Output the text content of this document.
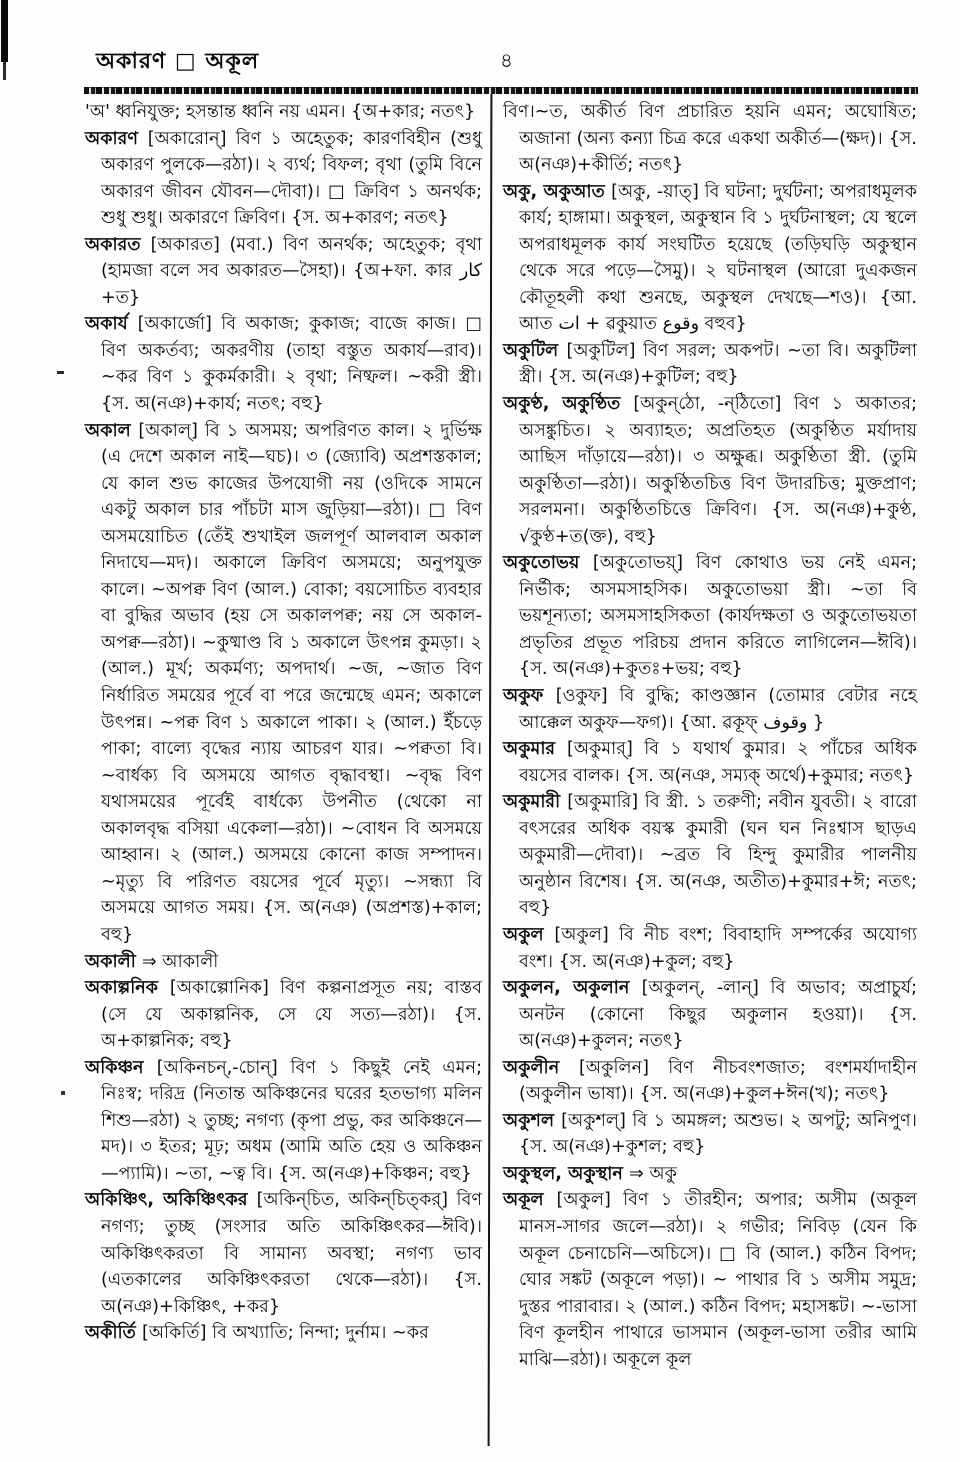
অকারণ □ অকূল	৪

'অ' ধ্বনিযুক্ত; হসন্তান্ত ধ্বনি নয় এমন। {অ+কার; নতৎ}

অকারণ [অকারোন্] বিণ ১ অহেতুক; কারণবিহীন (শুধু অকারণ পুলকে—রঠা)। ২ ব্যর্থ; বিফল; বৃথা (তুমি বিনে অকারণ জীবন যৌবন—দৌবা)। □ ক্রিবিণ ১ অনর্থক; শুধু শুধু। অকারণে ক্রিবিণ। {স. অ+কারণ; নতৎ}

অকারত [অকারত] (মবা.) বিণ অনর্থক; অহেতুক; বৃথা (হামজা বলে সব অকারত—সৈহা)। {অ+ফা. কার كار +ত}

অকার্য [অকার্জো] বি অকাজ; কুকাজ; বাজে কাজ। □ বিণ অকর্তব্য; অকরণীয় (তাহা বস্তুত অকার্য—রাব)। ~কর বিণ ১ কুকর্মকারী। ২ বৃথা; নিষ্ফল। ~করী স্ত্রী। {স. অ(নঞ)+কার্য; নতৎ; বহু}

অকাল [অকাল্] বি ১ অসময়; অপরিণত কাল। ২ দুর্ভিক্ষ (এ দেশে অকাল নাই—ঘচ)। ৩ (জ্যোবি) অপ্রশস্তকাল; যে কাল শুভ কাজের উপযোগী নয় (ওদিকে সামনে একটু অকাল চার পাঁচটা মাস জুড়িয়া—রঠা)। □ বিণ অসময়োচিত (তেঁই শুখাইল জলপূর্ণ আলবাল অকাল নিদাঘে—মদ)। অকালে ক্রিবিণ অসময়ে; অনুপযুক্ত কালে। ~অপক্ব বিণ (আল.) বোকা; বয়সোচিত ব্যবহার বা বুদ্ধির অভাব (হয় সে অকালপক্ব; নয় সে অকাল-অপক্ব—রঠা)। ~কুষ্মাণ্ড বি ১ অকালে উৎপন্ন কুমড়া। ২ (আল.) মূর্খ; অকর্মণ্য; অপদার্থ। ~জ, ~জাত বিণ নির্ধারিত সময়ের পূর্বে বা পরে জন্মেছে এমন; অকালে উৎপন্ন। ~পক্ব বিণ ১ অকালে পাকা। ২ (আল.) ইঁচড়ে পাকা; বাল্যে বৃদ্ধের ন্যায় আচরণ যার। ~পক্বতা বি। ~বার্ধক্য বি অসময়ে আগত বৃদ্ধাবস্থা। ~বৃদ্ধ বিণ যথাসময়ের পূর্বেই বার্ধক্যে উপনীত (থেকো না অকালবৃদ্ধ বসিয়া একেলা—রঠা)। ~বোধন বি অসময়ে আহ্বান। ২ (আল.) অসময়ে কোনো কাজ সম্পাদন। ~মৃত্যু বি পরিণত বয়সের পূর্বে মৃত্যু। ~সন্ধ্যা বি অসময়ে আগত সময়। {স. অ(নঞ) (অপ্রশস্ত)+কাল; বহু}

অকালী ⇒ আকালী

অকাল্পনিক [অকাল্পোনিক] বিণ কল্পনাপ্রসূত নয়; বাস্তব (সে যে অকাল্পনিক, সে যে সত্য—রঠা)। {স. অ+কাল্পনিক; বহু}

অকিঞ্চন [অকিনচন্,-চোন্] বিণ ১ কিছুই নেই এমন; নিঃস্ব; দরিদ্র (নিতান্ত অকিঞ্চনের ঘরের হতভাগ্য মলিন শিশু—রঠা) ২ তুচ্ছ; নগণ্য (কৃপা প্রভু, কর অকিঞ্চনে—মদ)। ৩ ইতর; মূঢ়; অধম (আমি অতি হেয় ও অকিঞ্চন—প্যামি)। ~তা, ~ত্ব বি। {স. অ(নঞ)+কিঞ্চন; বহু}

অকিঞ্চিৎ, অকিঞ্চিৎকর [অকিন্‌চিত, অকিন্‌চিত্‌কর্] বিণ নগণ্য; তুচ্ছ (সংসার অতি অকিঞ্চিৎকর—ঈবি)। অকিঞ্চিৎকরতা বি সামান্য অবস্থা; নগণ্য ভাব (এতকালের অকিঞ্চিৎকরতা থেকে—রঠা)। {স. অ(নঞ)+কিঞ্চিৎ, +কর}

অকীর্তি [অকির্তি] বি অখ্যাতি; নিন্দা; দুর্নাম। ~কর

বিণ।~ত, অকীর্ত বিণ প্রচারিত হয়নি এমন; অঘোষিত; অজানা (অন্য কন্যা চিত্র করে একথা অকীর্ত—(ক্ষদ)। {স. অ(নঞ)+কীর্তি; নতৎ}

অকু, অকুআত [অকু, -য়াত্] বি ঘটনা; দুর্ঘটনা; অপরাধমূলক কার্য; হাঙ্গামা। অকুস্থল, অকুস্থান বি ১ দুর্ঘটনাস্থল; যে স্থলে অপরাধমূলক কার্য সংঘটিত হয়েছে (তড়িঘড়ি অকুস্থান থেকে সরে পড়ে—সৈমু)। ২ ঘটনাস্থল (আরো দুএকজন কৌতূহলী কথা শুনছে, অকুস্থল দেখছে—শও)। {আ. আত ات + ৱকুয়াত وقوع বহুব}

অকুটিল [অকুটিল] বিণ সরল; অকপট। ~তা বি। অকুটিলা স্ত্রী। {স. অ(নঞ)+কুটিল; বহু}

অকুণ্ঠ, অকুণ্ঠিত [অকুন্‌ঠো, -ন্‌ঠিতো] বিণ ১ অকাতর; অসঙ্কুচিত। ২ অব্যাহত; অপ্রতিহত (অকুণ্ঠিত মর্যাদায় আছিস দাঁড়ায়ে—রঠা)। ৩ অক্ষুব্ধ। অকুণ্ঠিতা স্ত্রী. (তুমি অকুণ্ঠিতা—রঠা)। অকুণ্ঠিতচিত্ত বিণ উদারচিত্ত; মুক্তপ্রাণ; সরলমনা। অকুণ্ঠিতচিত্তে ক্রিবিণ। {স. অ(নঞ)+কুণ্ঠ, √কুণ্ঠ+ত(ক্ত), বহু}

অকুতোভয় [অকুতোভয়্] বিণ কোথাও ভয় নেই এমন; নির্ভীক; অসমসাহসিক। অকুতোভয়া স্ত্রী। ~তা বি ভয়শূন্যতা; অসমসাহসিকতা (কার্যদক্ষতা ও অকুতোভয়তা প্রভৃতির প্রভূত পরিচয় প্রদান করিতে লাগিলেন—ঈবি)। {স. অ(নঞ)+কুতঃ+ভয়; বহু}

অকুফ [ওকুফ] বি বুদ্ধি; কাণ্ডজ্ঞান (তোমার বেটার নহে আক্কেল অকুফ—ফগ)। {আ. ৱকূফ্ وقوف }

অকুমার [অকুমার্] বি ১ যথার্থ কুমার। ২ পাঁচের অধিক বয়সের বালক। {স. অ(নঞ, সম্যক্ অর্থে)+কুমার; নতৎ}

অকুমারী [অকুমারি] বি স্ত্রী. ১ তরুণী; নবীন যুবতী। ২ বারো বৎসরের অধিক বয়স্ক কুমারী (ঘন ঘন নিঃশ্বাস ছাড়এ অকুমারী—দৌবা)। ~ব্রত বি হিন্দু কুমারীর পালনীয় অনুষ্ঠান বিশেষ। {স. অ(নঞ, অতীত)+কুমার+ঈ; নতৎ; বহু}

অকুল [অকুল] বি নীচ বংশ; বিবাহাদি সম্পর্কের অযোগ্য বংশ। {স. অ(নঞ)+কুল; বহু}

অকুলন, অকুলান [অকুলন্, -লান্] বি অভাব; অপ্রাচুর্য; অনটন (কোনো কিছুর অকুলান হওয়া)। {স. অ(নঞ)+কুলন; নতৎ}

অকুলীন [অকুলিন] বিণ নীচবংশজাত; বংশমর্যাদাহীন (অকুলীন ভাষা)। {স. অ(নঞ)+কুল+ঈন(খ); নতৎ}

অকুশল [অকুশল্] বি ১ অমঙ্গল; অশুভ। ২ অপটু; অনিপুণ। {স. অ(নঞ)+কুশল; বহু}

অকুস্থল, অকুস্থান ⇒ অকু

অকূল [অকুল] বিণ ১ তীরহীন; অপার; অসীম (অকূল মানস-সাগর জলে—রঠা)। ২ গভীর; নিবিড় (যেন কি অকূল চেনাচেনি—অচিসে)। □ বি (আল.) কঠিন বিপদ; ঘোর সঙ্কট (অকূলে পড়া)। ~ পাথার বি ১ অসীম সমুদ্র; দুস্তর পারাবার। ২ (আল.) কঠিন বিপদ; মহাসঙ্কট। ~-ভাসা বিণ কূলহীন পাথারে ভাসমান (অকূল-ভাসা তরীর আমি মাঝি—রঠা)। অকূলে কূল
